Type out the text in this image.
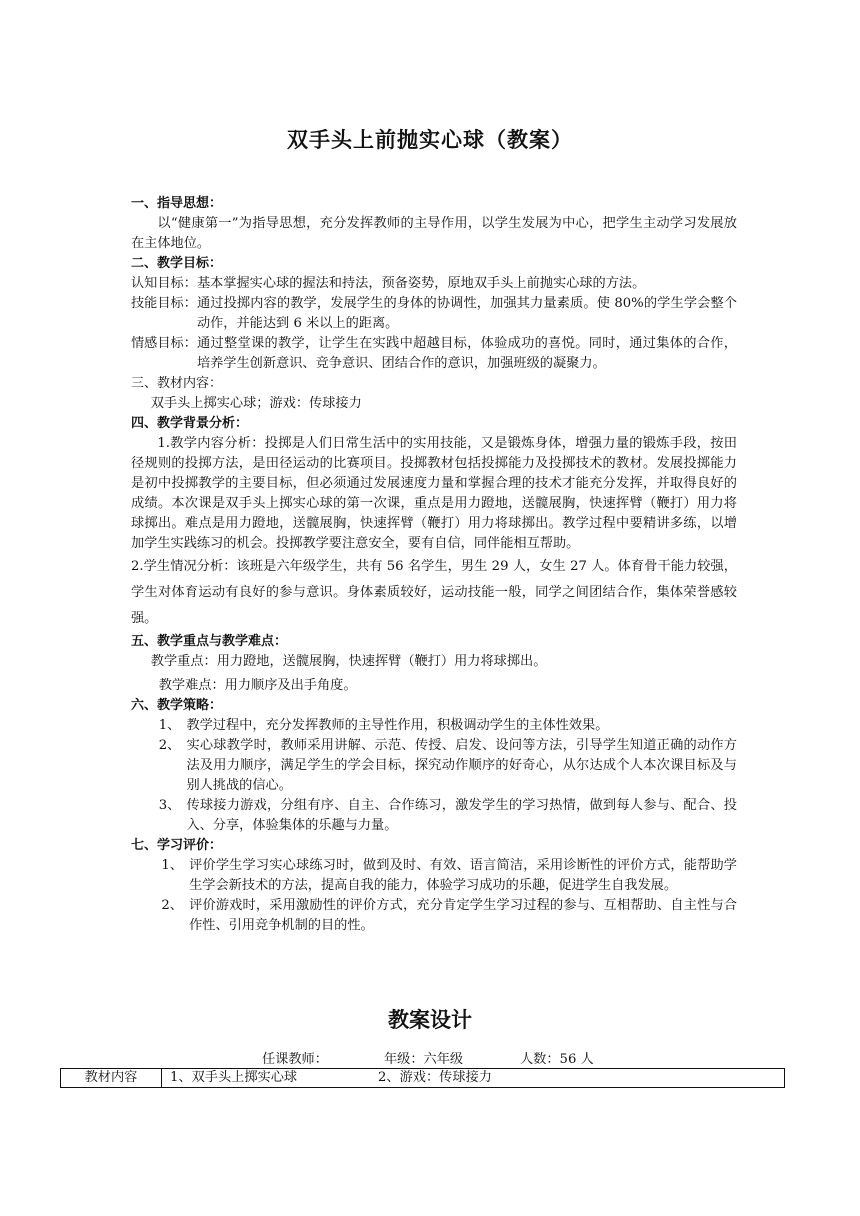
双手头上前抛实心球（教案）
一、指导思想：
以“健康第一”为指导思想，充分发挥教师的主导作用，以学生发展为中心，把学生主动学习发展放在主体地位。
二、教学目标：
认知目标： 基本掌握实心球的握法和持法，预备姿势，原地双手头上前抛实心球的方法。
技能目标： 通过投掷内容的教学，发展学生的身体的协调性，加强其力量素质。使 80%的学生学会整个动作，并能达到 6 米以上的距离。
情感目标： 通过整堂课的教学，让学生在实践中超越目标，体验成功的喜悦。同时，通过集体的合作，培养学生创新意识、竞争意识、团结合作的意识，加强班级的凝聚力。
三、教材内容：
双手头上掷实心球；游戏：传球接力
四、教学背景分析：
1.教学内容分析：投掷是人们日常生活中的实用技能，又是锻炼身体，增强力量的锻炼手段，按田径规则的投掷方法，是田径运动的比赛项目。投掷教材包括投掷能力及投掷技术的教材。发展投掷能力是初中投掷教学的主要目标，但必须通过发展速度力量和掌握合理的技术才能充分发挥，并取得良好的成绩。本次课是双手头上掷实心球的第一次课，重点是用力蹬地，送髋展胸，快速挥臂（鞭打）用力将球掷出。难点是用力蹬地，送髋展胸，快速挥臂（鞭打）用力将球掷出。教学过程中要精讲多练，以增加学生实践练习的机会。投掷教学要注意安全，要有自信，同伴能相互帮助。
2.学生情况分析：该班是六年级学生，共有 56 名学生，男生 29 人，女生 27 人。体育骨干能力较强，学生对体育运动有良好的参与意识。身体素质较好，运动技能一般，同学之间团结合作，集体荣誉感较强。
五、教学重点与教学难点：
教学重点：用力蹬地，送髋展胸，快速挥臂（鞭打）用力将球掷出。
教学难点：用力顺序及出手角度。
六、教学策略：
1、 教学过程中，充分发挥教师的主导性作用，积极调动学生的主体性效果。
2、 实心球教学时，教师采用讲解、示范、传授、启发、设问等方法，引导学生知道正确的动作方法及用力顺序，满足学生的学会目标，探究动作顺序的好奇心，从尔达成个人本次课目标及与别人挑战的信心。
3、 传球接力游戏，分组有序、自主、合作练习，激发学生的学习热情，做到每人参与、配合、投入、分享，体验集体的乐趣与力量。
七、学习评价：
1、 评价学生学习实心球练习时，做到及时、有效、语言简洁，采用诊断性的评价方式，能帮助学生学会新技术的方法，提高自我的能力，体验学习成功的乐趣，促进学生自我发展。
2、 评价游戏时，采用激励性的评价方式，充分肯定学生学习过程的参与、互相帮助、自主性与合作性、引用竞争机制的目的性。
教案设计
任课教师：	年级：六年级	人数：56 人
教材内容	1、双手头上掷实心球	2、游戏：传球接力
